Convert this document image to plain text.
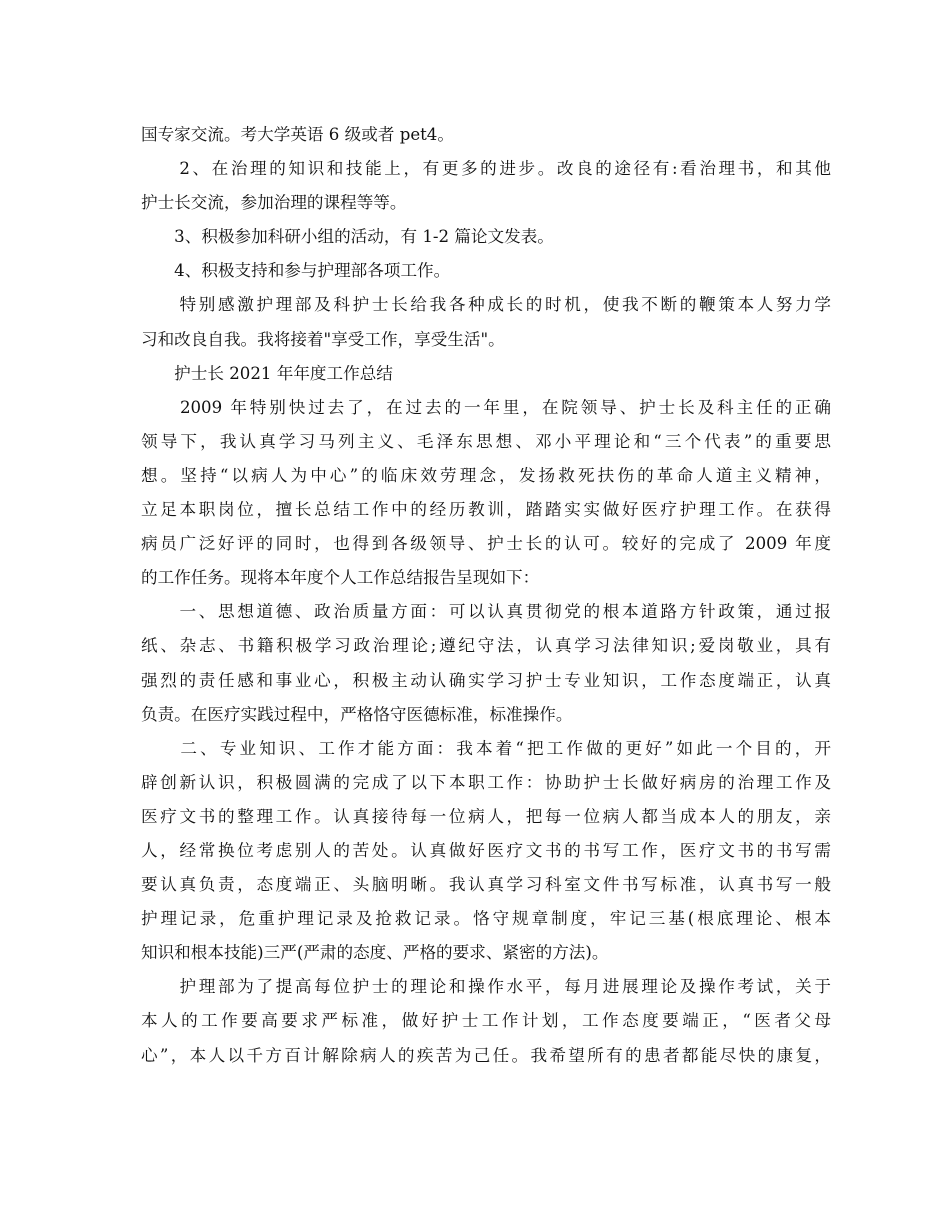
国专家交流。考大学英语 6 级或者 pet4。
　　2、在治理的知识和技能上，有更多的进步。改良的途径有:看治理书，和其他
护士长交流，参加治理的课程等等。
　　3、积极参加科研小组的活动，有 1-2 篇论文发表。
　　4、积极支持和参与护理部各项工作。
　　特别感激护理部及科护士长给我各种成长的时机，使我不断的鞭策本人努力学
习和改良自我。我将接着"享受工作，享受生活"。
　　护士长 2021 年年度工作总结
　　2009 年特别快过去了，在过去的一年里，在院领导、护士长及科主任的正确
领导下，我认真学习马列主义、毛泽东思想、邓小平理论和“三个代表”的重要思
想。坚持“以病人为中心”的临床效劳理念，发扬救死扶伤的革命人道主义精神，
立足本职岗位，擅长总结工作中的经历教训，踏踏实实做好医疗护理工作。在获得
病员广泛好评的同时，也得到各级领导、护士长的认可。较好的完成了 2009 年度
的工作任务。现将本年度个人工作总结报告呈现如下：
　　一、思想道德、政治质量方面：可以认真贯彻党的根本道路方针政策，通过报
纸、杂志、书籍积极学习政治理论;遵纪守法，认真学习法律知识;爱岗敬业，具有
强烈的责任感和事业心，积极主动认确实学习护士专业知识，工作态度端正，认真
负责。在医疗实践过程中，严格恪守医德标准，标准操作。
　　二、专业知识、工作才能方面：我本着“把工作做的更好”如此一个目的，开
辟创新认识，积极圆满的完成了以下本职工作：协助护士长做好病房的治理工作及
医疗文书的整理工作。认真接待每一位病人，把每一位病人都当成本人的朋友，亲
人，经常换位考虑别人的苦处。认真做好医疗文书的书写工作，医疗文书的书写需
要认真负责，态度端正、头脑明晰。我认真学习科室文件书写标准，认真书写一般
护理记录，危重护理记录及抢救记录。恪守规章制度，牢记三基(根底理论、根本
知识和根本技能)三严(严肃的态度、严格的要求、紧密的方法)。
　　护理部为了提高每位护士的理论和操作水平，每月进展理论及操作考试，关于
本人的工作要高要求严标准，做好护士工作计划，工作态度要端正，“医者父母
心”，本人以千方百计解除病人的疾苦为己任。我希望所有的患者都能尽快的康复，
